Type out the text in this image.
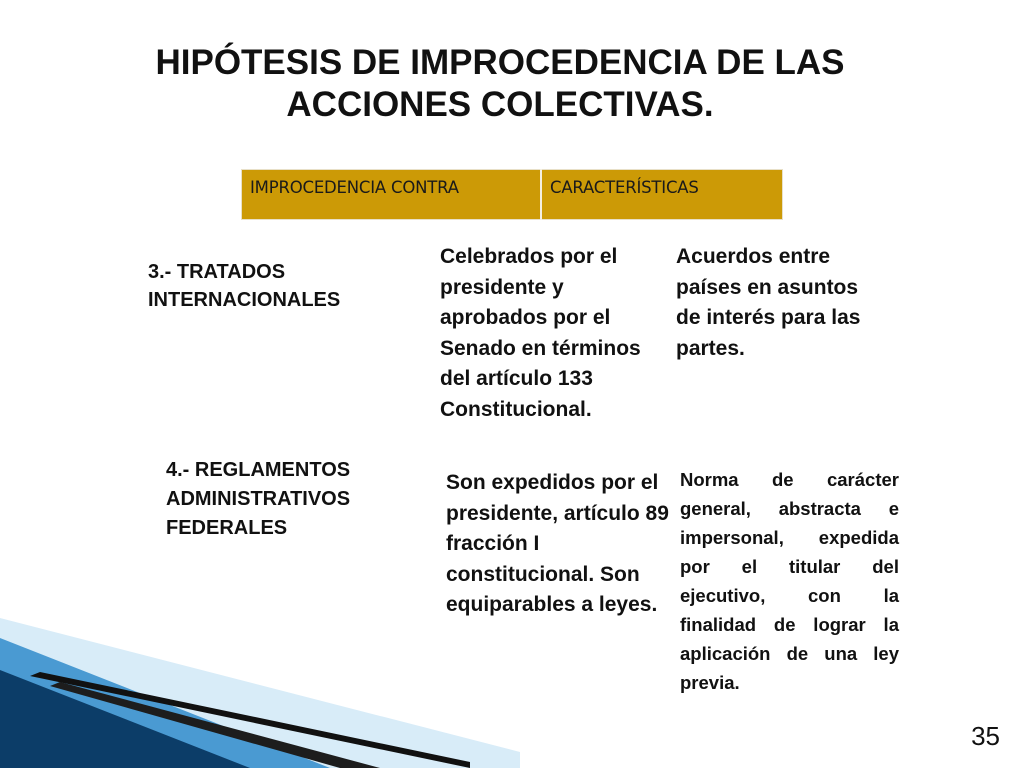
HIPÓTESIS DE IMPROCEDENCIA DE LAS ACCIONES COLECTIVAS.
IMPROCEDENCIA CONTRA	CARACTERÍSTICAS
3.- TRATADOS INTERNACIONALES
Celebrados por el presidente y aprobados por el Senado en términos del artículo 133 Constitucional.
Acuerdos entre países en asuntos de interés para las partes.
4.- REGLAMENTOS ADMINISTRATIVOS FEDERALES
Son expedidos por el presidente, artículo 89 fracción I constitucional. Son equiparables a leyes.
Norma de carácter general, abstracta e impersonal, expedida por el titular del ejecutivo, con la finalidad de lograr la aplicación de una ley previa.
35
